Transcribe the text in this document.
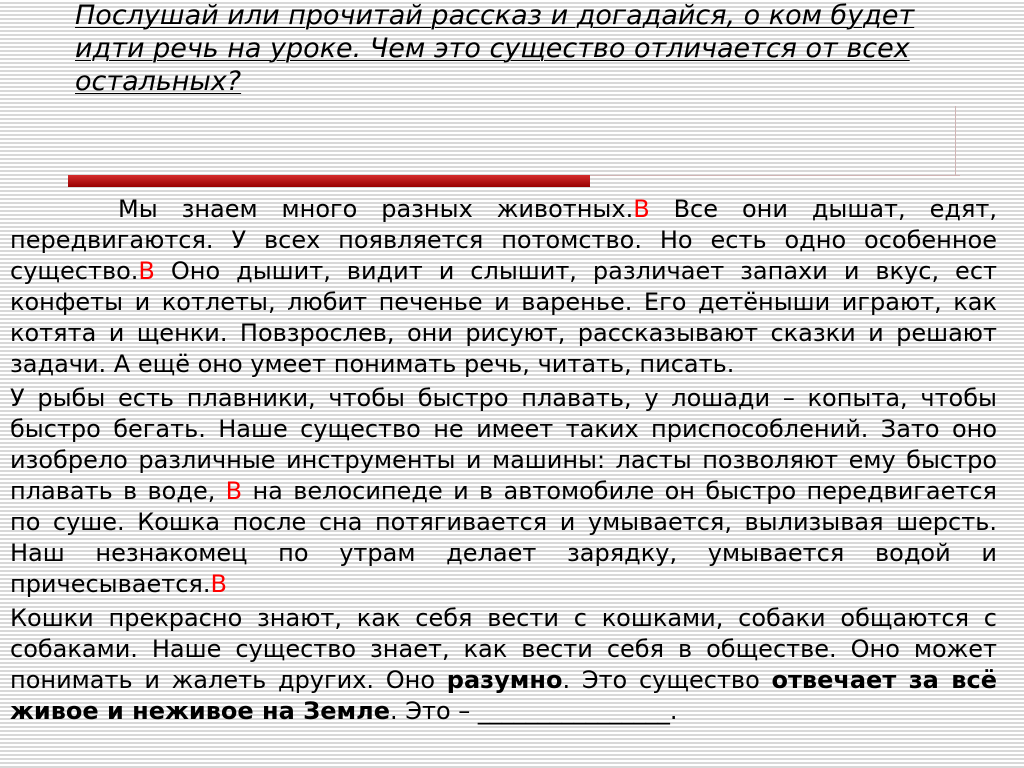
Послушай или прочитай рассказ и догадайся, о ком будет идти речь на уроке. Чем это существо отличается от всех остальных?

Мы знаем много разных животных.В Все они дышат, едят, передвигаются. У всех появляется потомство. Но есть одно особенное существо.В Оно дышит, видит и слышит, различает запахи и вкус, ест конфеты и котлеты, любит печенье и варенье. Его детёныши играют, как котята и щенки. Повзрослев, они рисуют, рассказывают сказки и решают задачи. А ещё оно умеет понимать речь, читать, писать.

У рыбы есть плавники, чтобы быстро плавать, у лошади – копыта, чтобы быстро бегать. Наше существо не имеет таких приспособлений. Зато оно изобрело различные инструменты и машины: ласты позволяют ему быстро плавать в воде, В на велосипеде и в автомобиле он быстро передвигается по суше. Кошка после сна потягивается и умывается, вылизывая шерсть. Наш незнакомец по утрам делает зарядку, умывается водой и причесывается.В

Кошки прекрасно знают, как себя вести с кошками, собаки общаются с собаками. Наше существо знает, как вести себя в обществе. Оно может понимать и жалеть других. Оно разумно. Это существо отвечает за всё живое и неживое на Земле. Это – ________________.
